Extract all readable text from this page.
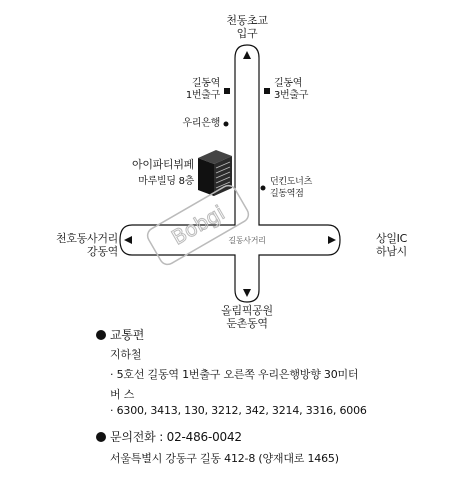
천동초교
입구
올림픽공원
둔촌동역
천호동사거리
강동역
상일IC
하남시
길동사거리
길동역
1번출구
길동역
3번출구
우리은행
던킨도너츠
길동역점
아이파티뷔페
마루빌딩 8층
Bobgi
교통편
지하철
· 5호선 길동역 1번출구 오른쪽 우리은행방향 30미터
버 스
· 6300, 3413, 130, 3212, 342, 3214, 3316, 6006
문의전화 : 02-486-0042
서울특별시 강동구 길동 412-8 (양재대로 1465)
